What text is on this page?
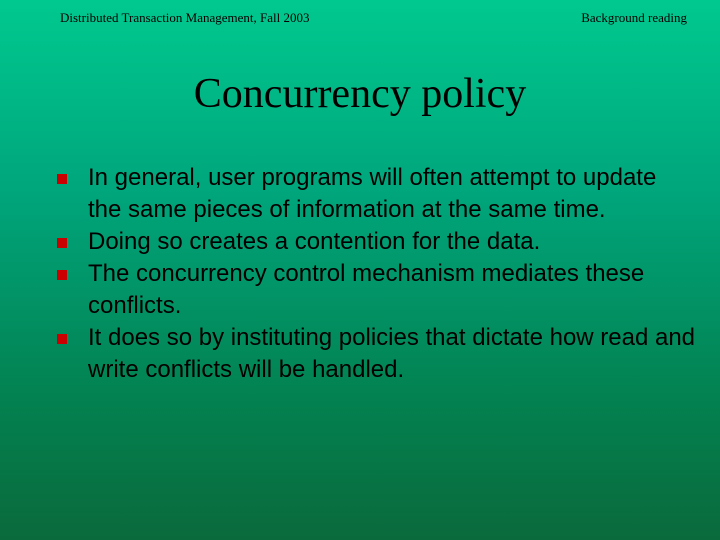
Distributed Transaction Management, Fall 2003	Background reading
Concurrency policy
In general, user programs will often attempt to update the same pieces of information at the same time.
Doing so creates a contention for the data.
The concurrency control mechanism mediates these conflicts.
It does so by instituting policies that dictate how read and write conflicts will be handled.
